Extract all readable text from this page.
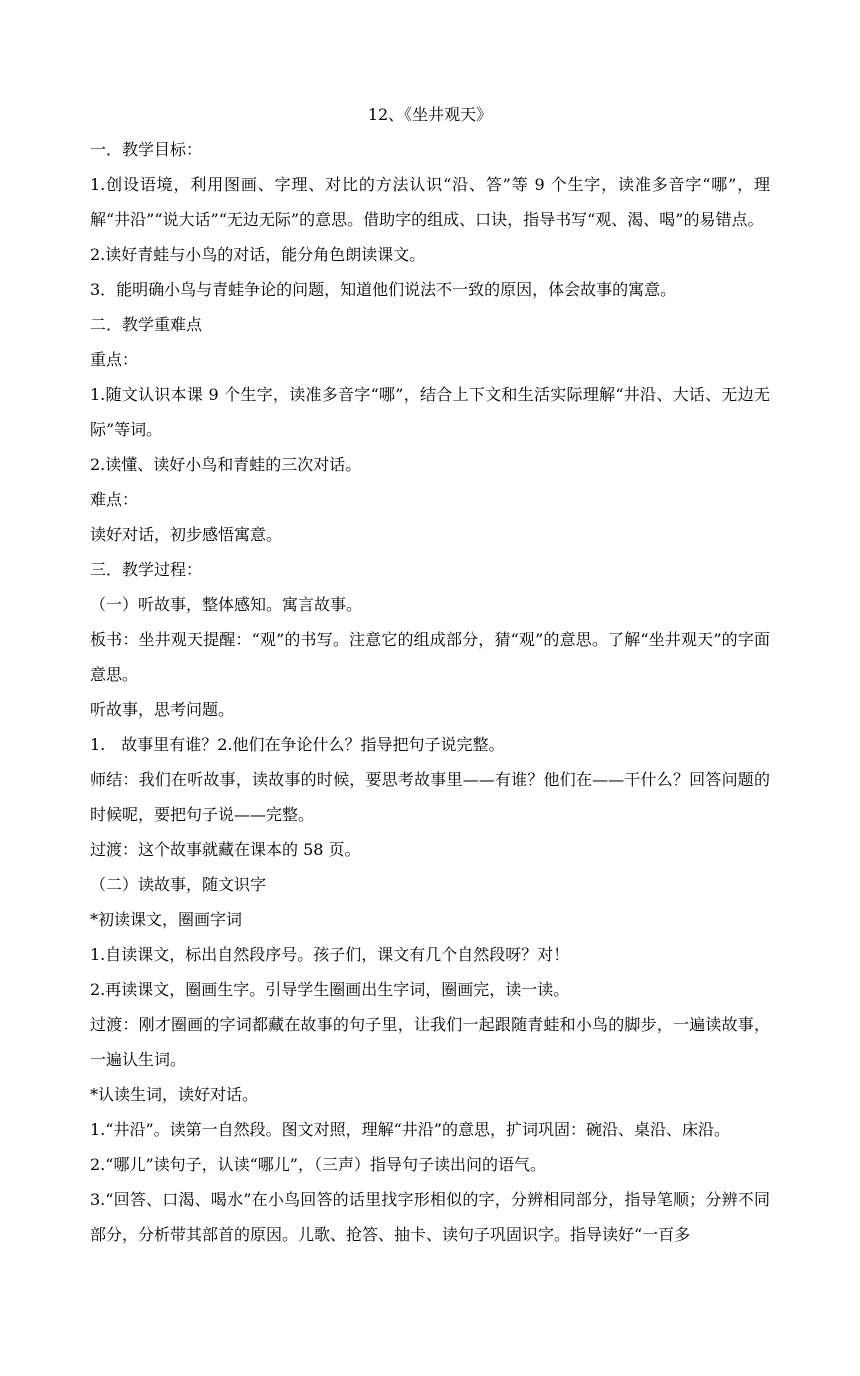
12、《坐井观天》

一．教学目标：

1.创设语境，利用图画、字理、对比的方法认识“沿、答”等 9 个生字，读准多音字“哪”，理解“井沿”“说大话”“无边无际”的意思。借助字的组成、口诀，指导书写“观、渴、喝”的易错点。

2.读好青蛙与小鸟的对话，能分角色朗读课文。

3．能明确小鸟与青蛙争论的问题，知道他们说法不一致的原因，体会故事的寓意。

二．教学重难点

重点：

1.随文认识本课 9 个生字，读准多音字“哪”，结合上下文和生活实际理解“井沿、大话、无边无际”等词。

2.读懂、读好小鸟和青蛙的三次对话。

难点：

读好对话，初步感悟寓意。

三．教学过程：

（一）听故事，整体感知。寓言故事。

板书：坐井观天提醒：“观”的书写。注意它的组成部分，猜“观”的意思。了解“坐井观天”的字面意思。

听故事，思考问题。

1.　故事里有谁？2.他们在争论什么？指导把句子说完整。

师结：我们在听故事，读故事的时候，要思考故事里——有谁？他们在——干什么？回答问题的时候呢，要把句子说——完整。

过渡：这个故事就藏在课本的 58 页。

（二）读故事，随文识字

*初读课文，圈画字词

1.自读课文，标出自然段序号。孩子们，课文有几个自然段呀？对！

2.再读课文，圈画生字。引导学生圈画出生字词，圈画完，读一读。

过渡：刚才圈画的字词都藏在故事的句子里，让我们一起跟随青蛙和小鸟的脚步，一遍读故事，一遍认生词。

*认读生词，读好对话。

1.“井沿”。读第一自然段。图文对照，理解“井沿”的意思，扩词巩固：碗沿、桌沿、床沿。

2.“哪儿”读句子，认读“哪儿”，（三声）指导句子读出问的语气。

3.“回答、口渴、喝水”在小鸟回答的话里找字形相似的字，分辨相同部分，指导笔顺；分辨不同部分，分析带其部首的原因。儿歌、抢答、抽卡、读句子巩固识字。指导读好“一百多
